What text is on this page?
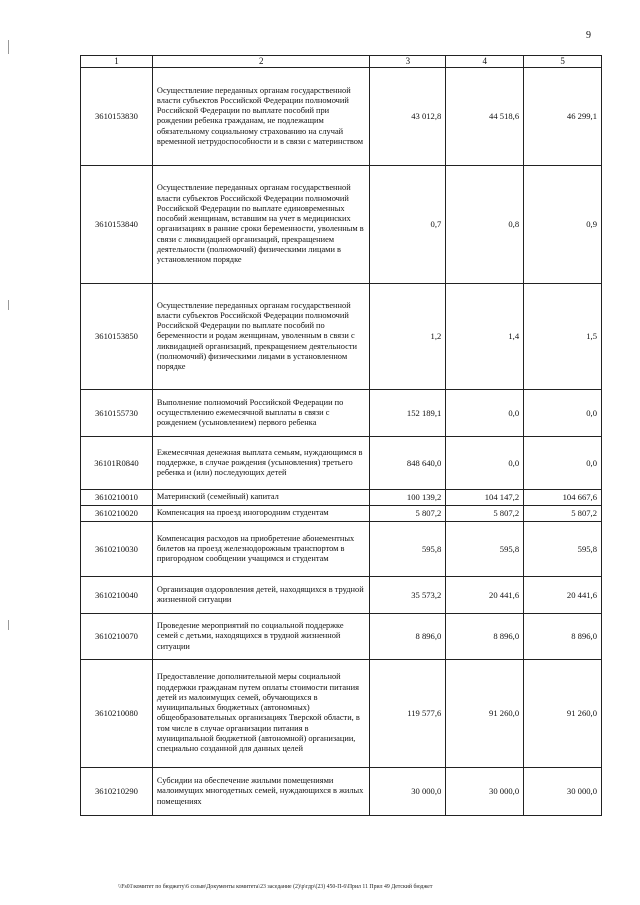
9
1	2	3	4	5
3610153830	Осуществление переданных органам государственной власти субъектов Российской Федерации полномочий Российской Федерации по выплате пособий при рождении ребенка гражданам, не подлежащим обязательному социальному страхованию на случай временной нетрудоспособности и в связи с материнством	43 012,8	44 518,6	46 299,1
3610153840	Осуществление переданных органам государственной власти субъектов Российской Федерации полномочий Российской Федерации по выплате единовременных пособий женщинам, вставшим на учет в медицинских организациях в ранние сроки беременности, уволенным в связи с ликвидацией организаций, прекращением деятельности (полномочий) физическими лицами в установленном порядке	0,7	0,8	0,9
3610153850	Осуществление переданных органам государственной власти субъектов Российской Федерации полномочий Российской Федерации по выплате пособий по беременности и родам женщинам, уволенным в связи с ликвидацией организаций, прекращением деятельности (полномочий) физическими лицами в установленном порядке	1,2	1,4	1,5
3610155730	Выполнение полномочий Российской Федерации по осуществлению ежемесячной выплаты в связи с рождением (усыновлением) первого ребенка	152 189,1	0,0	0,0
36101R0840	Ежемесячная денежная выплата семьям, нуждающимся в поддержке, в случае рождения (усыновления) третьего ребенка и (или) последующих детей	848 640,0	0,0	0,0
3610210010	Материнский (семейный) капитал	100 139,2	104 147,2	104 667,6
3610210020	Компенсация на проезд иногородним студентам	5 807,2	5 807,2	5 807,2
3610210030	Компенсация расходов на приобретение абонементных билетов на проезд железнодорожным транспортом в пригородном сообщении учащимся и студентам	595,8	595,8	595,8
3610210040	Организация оздоровления детей, находящихся в трудной жизненной ситуации	35 573,2	20 441,6	20 441,6
3610210070	Проведение мероприятий по социальной поддержке семей с детьми, находящихся в трудной жизненной ситуации	8 896,0	8 896,0	8 896,0
3610210080	Предоставление дополнительной меры социальной поддержки гражданам путем оплаты стоимости питания детей из малоимущих семей, обучающихся в муниципальных бюджетных (автономных) общеобразовательных организациях Тверской области, в том числе в случае организации питания в муниципальной бюджетной (автономной) организации, специально созданной для данных целей	119 577,6	91 260,0	91 260,0
3610210290	Субсидии на обеспечение жилыми помещениями малоимущих многодетных семей, нуждающихся в жилых помещениях	30 000,0	30 000,0	30 000,0
\\Fs01\комитет по бюджету\6 созыв\Документы комитета\23 заседание (2)\р\гдр\(23) 450-П-6\Прил 11 Прил 49 Детский бюджет
